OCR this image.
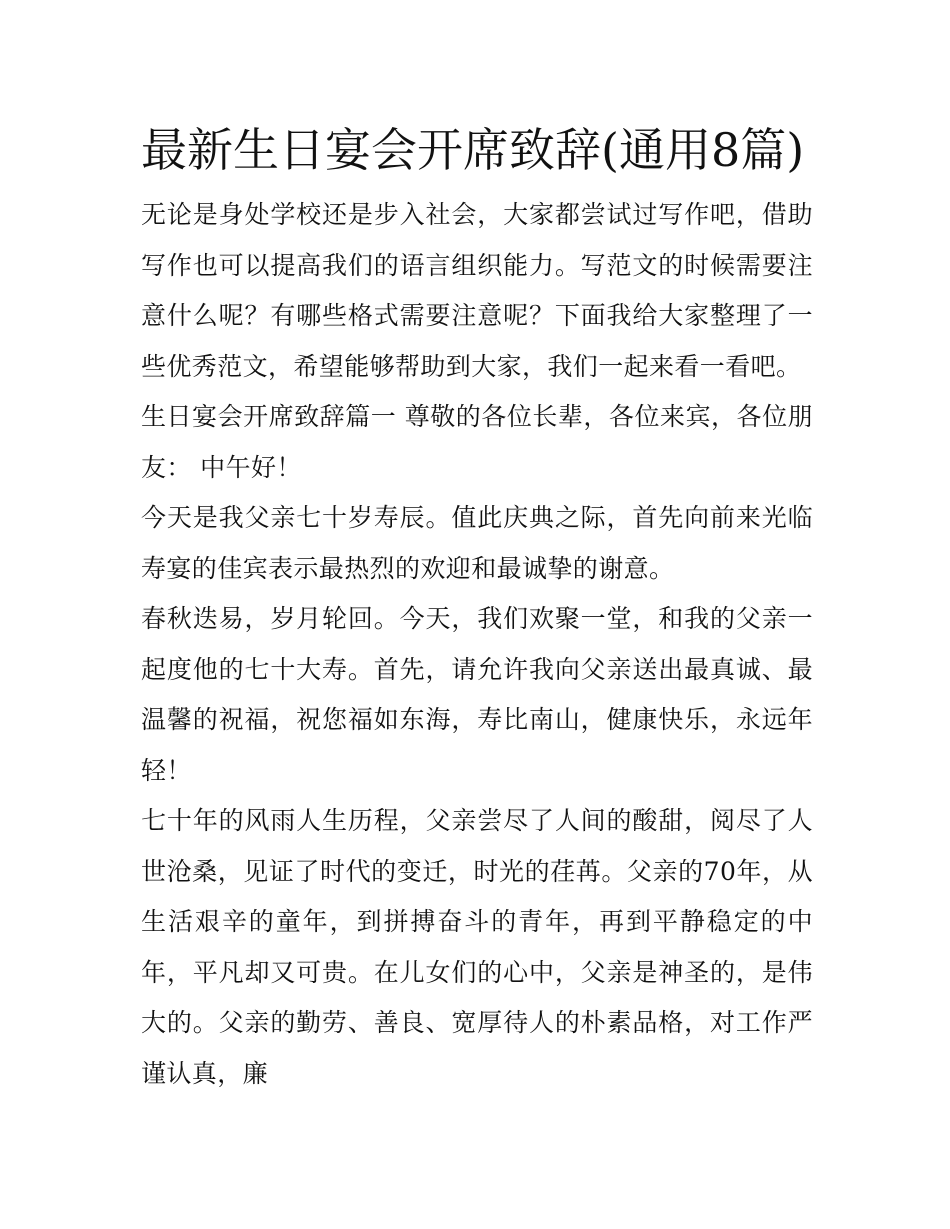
最新生日宴会开席致辞(通用8篇)

无论是身处学校还是步入社会，大家都尝试过写作吧，借助写作也可以提高我们的语言组织能力。写范文的时候需要注意什么呢？有哪些格式需要注意呢？下面我给大家整理了一些优秀范文，希望能够帮助到大家，我们一起来看一看吧。

生日宴会开席致辞篇一 尊敬的各位长辈，各位来宾，各位朋友： 中午好！

今天是我父亲七十岁寿辰。值此庆典之际，首先向前来光临寿宴的佳宾表示最热烈的欢迎和最诚挚的谢意。

春秋迭易，岁月轮回。今天，我们欢聚一堂，和我的父亲一起度他的七十大寿。首先，请允许我向父亲送出最真诚、最温馨的祝福，祝您福如东海，寿比南山，健康快乐，永远年轻！

七十年的风雨人生历程，父亲尝尽了人间的酸甜，阅尽了人世沧桑，见证了时代的变迁，时光的荏苒。父亲的70年，从生活艰辛的童年，到拼搏奋斗的青年，再到平静稳定的中年，平凡却又可贵。在儿女们的心中，父亲是神圣的，是伟大的。父亲的勤劳、善良、宽厚待人的朴素品格，对工作严谨认真，廉
